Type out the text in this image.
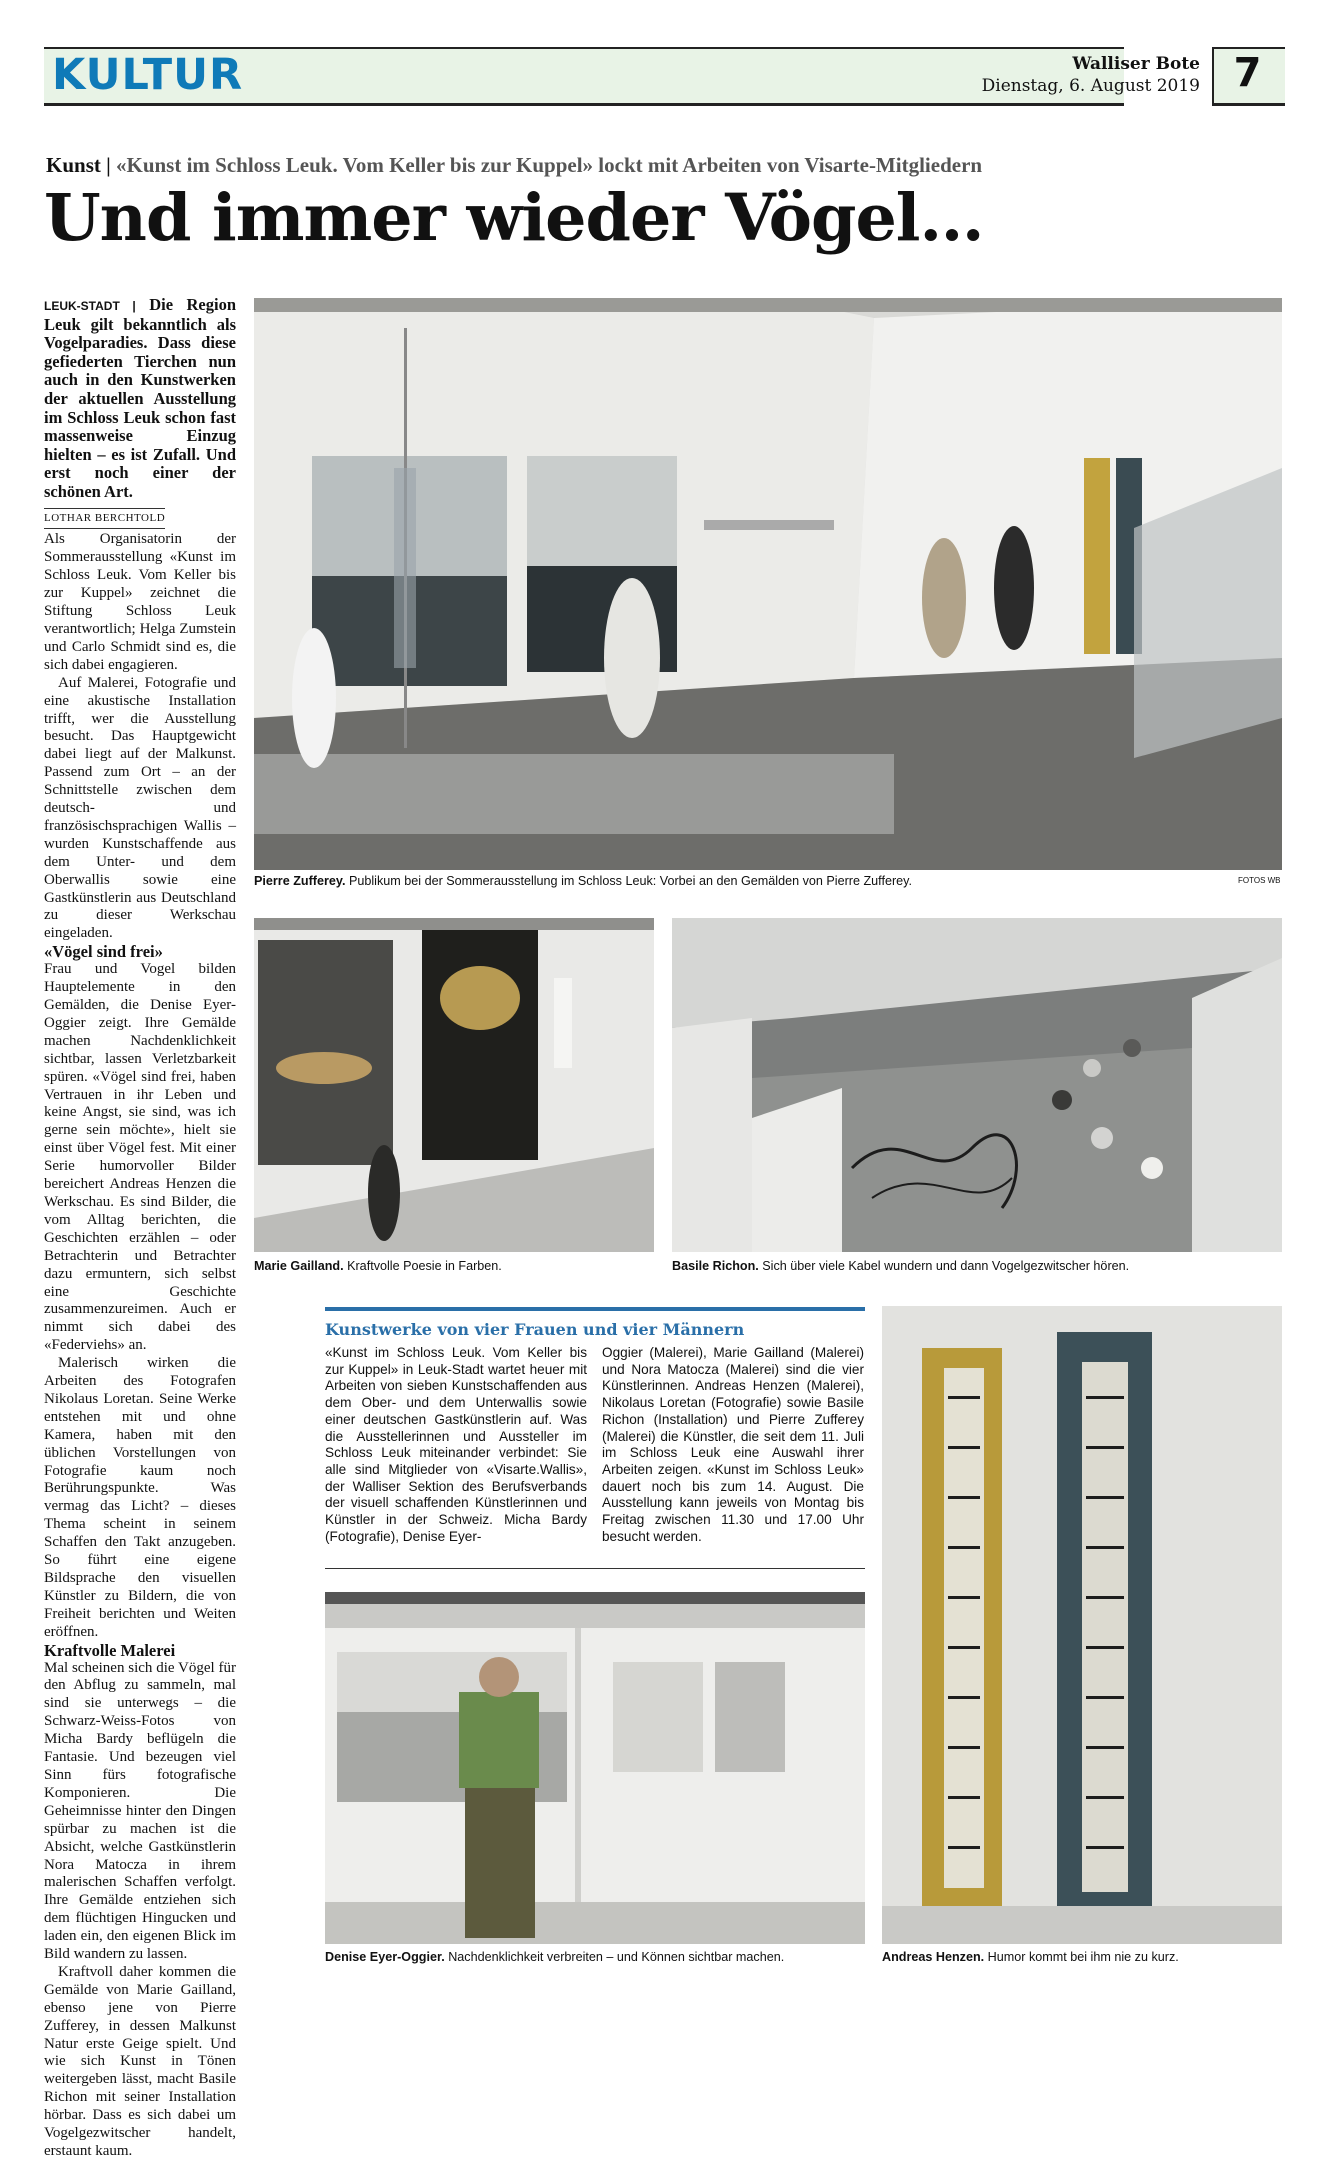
KULTUR	Walliser Bote
Dienstag, 6. August 2019 7
Kunst | «Kunst im Schloss Leuk. Vom Keller bis zur Kuppel» lockt mit Arbeiten von Visarte-Mitgliedern
Und immer wieder Vögel…

LEUK-STADT | Die Region Leuk gilt bekanntlich als Vogelparadies. Dass diese gefiederten Tierchen nun auch in den Kunstwerken der aktuellen Ausstellung im Schloss Leuk schon fast massenweise Einzug hielten – es ist Zufall. Und erst noch einer der schönen Art.

LOTHAR BERCHTOLD

Als Organisatorin der Sommerausstellung «Kunst im Schloss Leuk. Vom Keller bis zur Kuppel» zeichnet die Stiftung Schloss Leuk verantwortlich; Helga Zumstein und Carlo Schmidt sind es, die sich dabei engagieren.

Auf Malerei, Fotografie und eine akustische Installation trifft, wer die Ausstellung besucht. Das Hauptgewicht dabei liegt auf der Malkunst. Passend zum Ort – an der Schnittstelle zwischen dem deutsch- und französischsprachigen Wallis – wurden Kunstschaffende aus dem Unter- und dem Oberwallis sowie eine Gastkünstlerin aus Deutschland zu dieser Werkschau eingeladen.

«Vögel sind frei»

Frau und Vogel bilden Hauptelemente in den Gemälden, die Denise Eyer-Oggier zeigt. Ihre Gemälde machen Nachdenklichkeit sichtbar, lassen Verletzbarkeit spüren. «Vögel sind frei, haben Vertrauen in ihr Leben und keine Angst, sie sind, was ich gerne sein möchte», hielt sie einst über Vögel fest. Mit einer Serie humorvoller Bilder bereichert Andreas Henzen die Werkschau. Es sind Bilder, die vom Alltag berichten, die Geschichten erzählen – oder Betrachterin und Betrachter dazu ermuntern, sich selbst eine Geschichte zusammenzureimen. Auch er nimmt sich dabei des «Federviehs» an.

Malerisch wirken die Arbeiten des Fotografen Nikolaus Loretan. Seine Werke entstehen mit und ohne Kamera, haben mit den üblichen Vorstellungen von Fotografie kaum noch Berührungspunkte. Was vermag das Licht? – dieses Thema scheint in seinem Schaffen den Takt anzugeben. So führt eine eigene Bildsprache den visuellen Künstler zu Bildern, die von Freiheit berichten und Weiten eröffnen.

Kraftvolle Malerei

Mal scheinen sich die Vögel für den Abflug zu sammeln, mal sind sie unterwegs – die Schwarz-Weiss-Fotos von Micha Bardy beflügeln die Fantasie. Und bezeugen viel Sinn fürs fotografische Komponieren. Die Geheimnisse hinter den Dingen spürbar zu machen ist die Absicht, welche Gastkünstlerin Nora Matocza in ihrem malerischen Schaffen verfolgt. Ihre Gemälde entziehen sich dem flüchtigen Hingucken und laden ein, den eigenen Blick im Bild wandern zu lassen.

Kraftvoll daher kommen die Gemälde von Marie Gailland, ebenso jene von Pierre Zufferey, in dessen Malkunst Natur erste Geige spielt. Und wie sich Kunst in Tönen weitergeben lässt, macht Basile Richon mit seiner Installation hörbar. Dass es sich dabei um Vogelgezwitscher handelt, erstaunt kaum.

Pierre Zufferey. Publikum bei der Sommerausstellung im Schloss Leuk: Vorbei an den Gemälden von Pierre Zufferey.	FOTOS WB
Marie Gailland. Kraftvolle Poesie in Farben.	Basile Richon. Sich über viele Kabel wundern und dann Vogelgezwitscher hören.
Kunstwerke von vier Frauen und vier Männern
«Kunst im Schloss Leuk. Vom Keller bis zur Kuppel» in Leuk-Stadt wartet heuer mit Arbeiten von sieben Kunstschaffenden aus dem Ober- und dem Unterwallis sowie einer deutschen Gastkünstlerin auf. Was die Ausstellerinnen und Aussteller im Schloss Leuk miteinander verbindet: Sie alle sind Mitglieder von «Visarte.Wallis», der Walliser Sektion des Berufsverbands der visuell schaffenden Künstlerinnen und Künstler in der Schweiz. Micha Bardy (Fotografie), Denise Eyer-
Oggier (Malerei), Marie Gailland (Malerei) und Nora Matocza (Malerei) sind die vier Künstlerinnen. Andreas Henzen (Malerei), Nikolaus Loretan (Fotografie) sowie Basile Richon (Installation) und Pierre Zufferey (Malerei) die Künstler, die seit dem 11. Juli im Schloss Leuk eine Auswahl ihrer Arbeiten zeigen. «Kunst im Schloss Leuk» dauert noch bis zum 14. August. Die Ausstellung kann jeweils von Montag bis Freitag zwischen 11.30 und 17.00 Uhr besucht werden.
Denise Eyer-Oggier. Nachdenklichkeit verbreiten – und Können sichtbar machen.	Andreas Henzen. Humor kommt bei ihm nie zu kurz.
